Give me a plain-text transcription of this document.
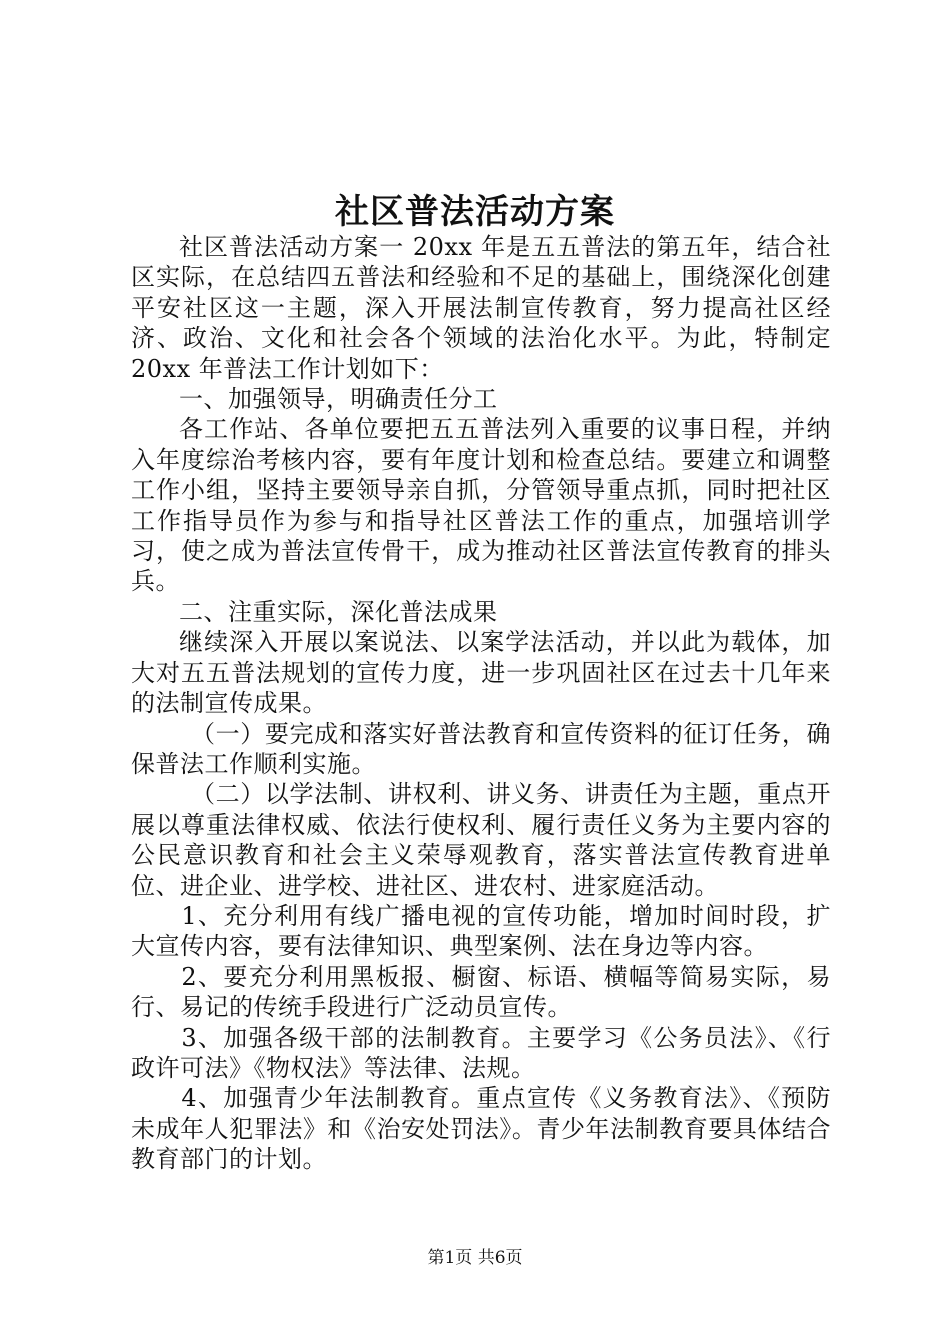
社区普法活动方案

社区普法活动方案一 20xx 年是五五普法的第五年，结合社区实际，在总结四五普法和经验和不足的基础上，围绕深化创建平安社区这一主题，深入开展法制宣传教育，努力提高社区经济、政治、文化和社会各个领域的法治化水平。为此，特制定 20xx 年普法工作计划如下：

一、加强领导，明确责任分工

各工作站、各单位要把五五普法列入重要的议事日程，并纳入年度综治考核内容，要有年度计划和检查总结。要建立和调整工作小组，坚持主要领导亲自抓，分管领导重点抓，同时把社区工作指导员作为参与和指导社区普法工作的重点，加强培训学习，使之成为普法宣传骨干，成为推动社区普法宣传教育的排头兵。

二、注重实际，深化普法成果

继续深入开展以案说法、以案学法活动，并以此为载体，加大对五五普法规划的宣传力度，进一步巩固社区在过去十几年来的法制宣传成果。

（一）要完成和落实好普法教育和宣传资料的征订任务，确保普法工作顺利实施。

（二）以学法制、讲权利、讲义务、讲责任为主题，重点开展以尊重法律权威、依法行使权利、履行责任义务为主要内容的公民意识教育和社会主义荣辱观教育，落实普法宣传教育进单位、进企业、进学校、进社区、进农村、进家庭活动。

1、充分利用有线广播电视的宣传功能，增加时间时段，扩大宣传内容，要有法律知识、典型案例、法在身边等内容。

2、要充分利用黑板报、橱窗、标语、横幅等简易实际，易行、易记的传统手段进行广泛动员宣传。

3、加强各级干部的法制教育。主要学习《公务员法》、《行政许可法》《物权法》等法律、法规。

4、加强青少年法制教育。重点宣传《义务教育法》、《预防未成年人犯罪法》和《治安处罚法》。青少年法制教育要具体结合教育部门的计划。

第1页 共6页
